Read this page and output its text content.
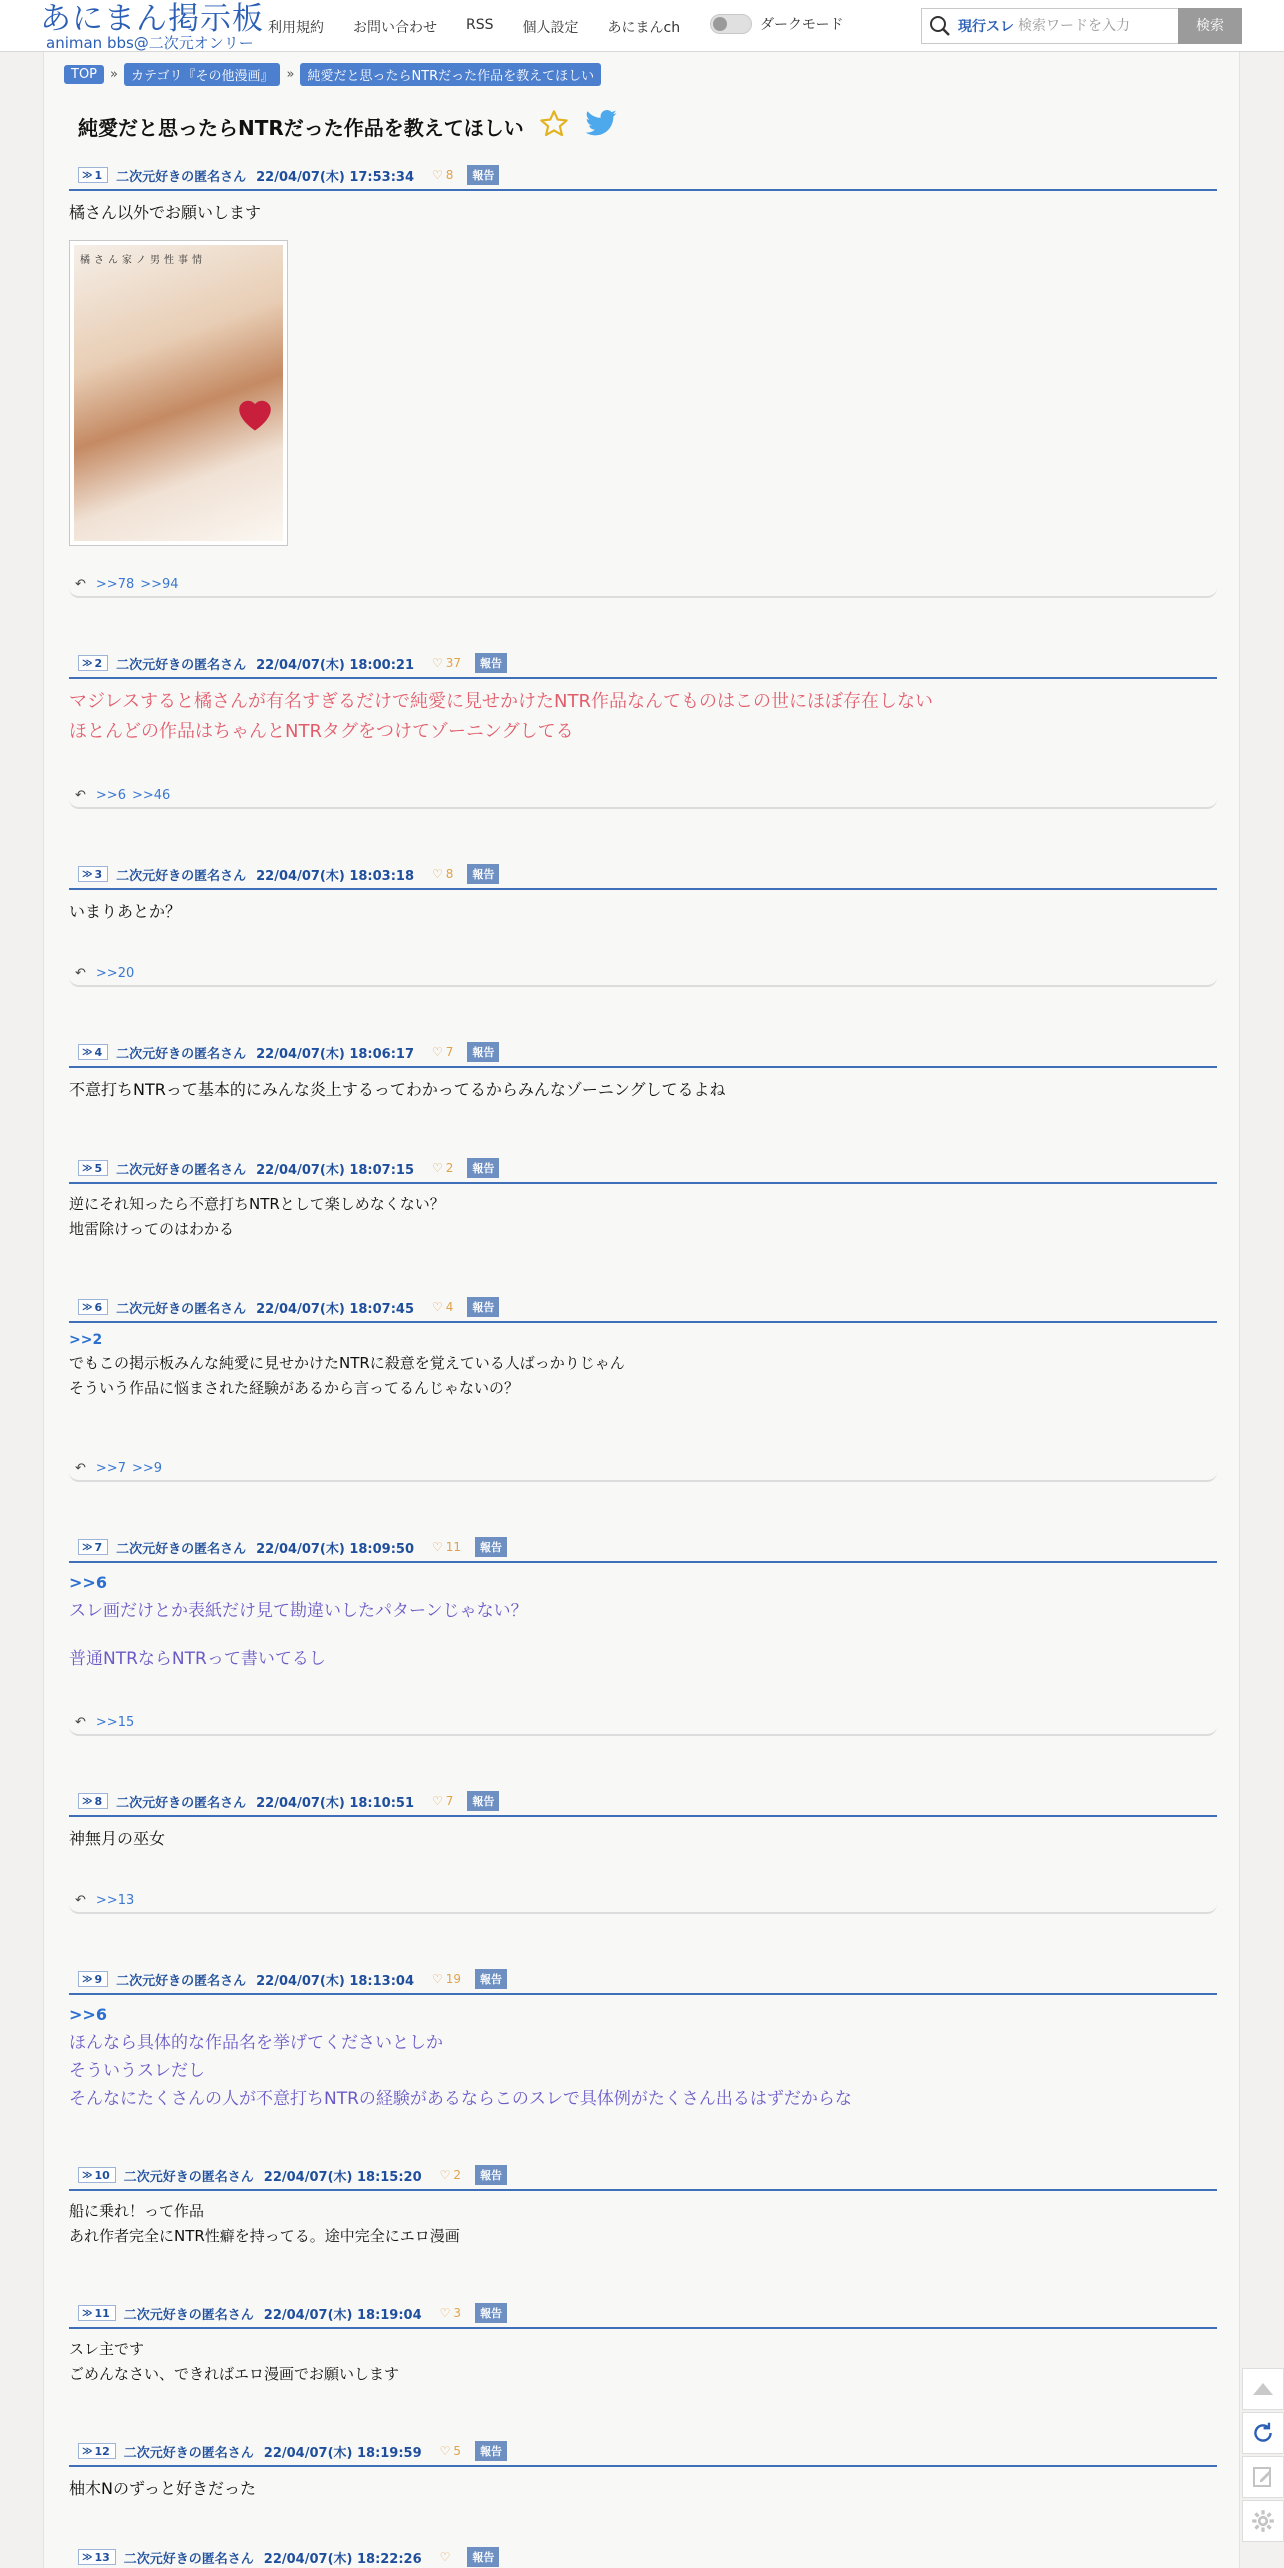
あにまん掲示板
animan bbs@二次元オンリー
利用規約 お問い合わせ RSS 個人設定 あにまんch	ダークモード	現行スレ
検索ワードを入力	検索
TOP	»	カテゴリ『その他漫画』	»	純愛だと思ったらNTRだった作品を教えてほしい
純愛だと思ったらNTRだった作品を教えてほしい
≫ 1 二次元好きの匿名さん 22/04/07(木) 17:53:34 ♡ 8	報告
橘さん以外でお願いします
橘さん家ノ男性事情
↶ >>78 >>94
≫ 2 二次元好きの匿名さん 22/04/07(木) 18:00:21 ♡ 37	報告
マジレスすると橘さんが有名すぎるだけで純愛に見せかけたNTR作品なんてものはこの世にほぼ存在しない
ほとんどの作品はちゃんとNTRタグをつけてゾーニングしてる
↶ >>6 >>46
≫ 3 二次元好きの匿名さん 22/04/07(木) 18:03:18 ♡ 8	報告
いまりあとか？
↶ >>20
≫ 4 二次元好きの匿名さん 22/04/07(木) 18:06:17 ♡ 7	報告
不意打ちNTRって基本的にみんな炎上するってわかってるからみんなゾーニングしてるよね
≫ 5 二次元好きの匿名さん 22/04/07(木) 18:07:15 ♡ 2	報告
逆にそれ知ったら不意打ちNTRとして楽しめなくない？
地雷除けってのはわかる
≫ 6 二次元好きの匿名さん 22/04/07(木) 18:07:45 ♡ 4	報告
>>2
でもこの掲示板みんな純愛に見せかけたNTRに殺意を覚えている人ばっかりじゃん
そういう作品に悩まされた経験があるから言ってるんじゃないの？
↶ >>7 >>9
≫ 7 二次元好きの匿名さん 22/04/07(木) 18:09:50 ♡ 11	報告
>>6
スレ画だけとか表紙だけ見て勘違いしたパターンじゃない？
普通NTRならNTRって書いてるし
↶ >>15
≫ 8 二次元好きの匿名さん 22/04/07(木) 18:10:51 ♡ 7	報告
神無月の巫女
↶ >>13
≫ 9 二次元好きの匿名さん 22/04/07(木) 18:13:04 ♡ 19	報告
>>6
ほんなら具体的な作品名を挙げてくださいとしか
そういうスレだし
そんなにたくさんの人が不意打ちNTRの経験があるならこのスレで具体例がたくさん出るはずだからな
≫ 10 二次元好きの匿名さん 22/04/07(木) 18:15:20 ♡ 2	報告
船に乗れ！って作品
あれ作者完全にNTR性癖を持ってる。途中完全にエロ漫画
≫ 11 二次元好きの匿名さん 22/04/07(木) 18:19:04 ♡ 3	報告
スレ主です
ごめんなさい、できればエロ漫画でお願いします
≫ 12 二次元好きの匿名さん 22/04/07(木) 18:19:59 ♡ 5	報告
柚木Nのずっと好きだった
≫ 13 二次元好きの匿名さん 22/04/07(木) 18:22:26 ♡	報告
